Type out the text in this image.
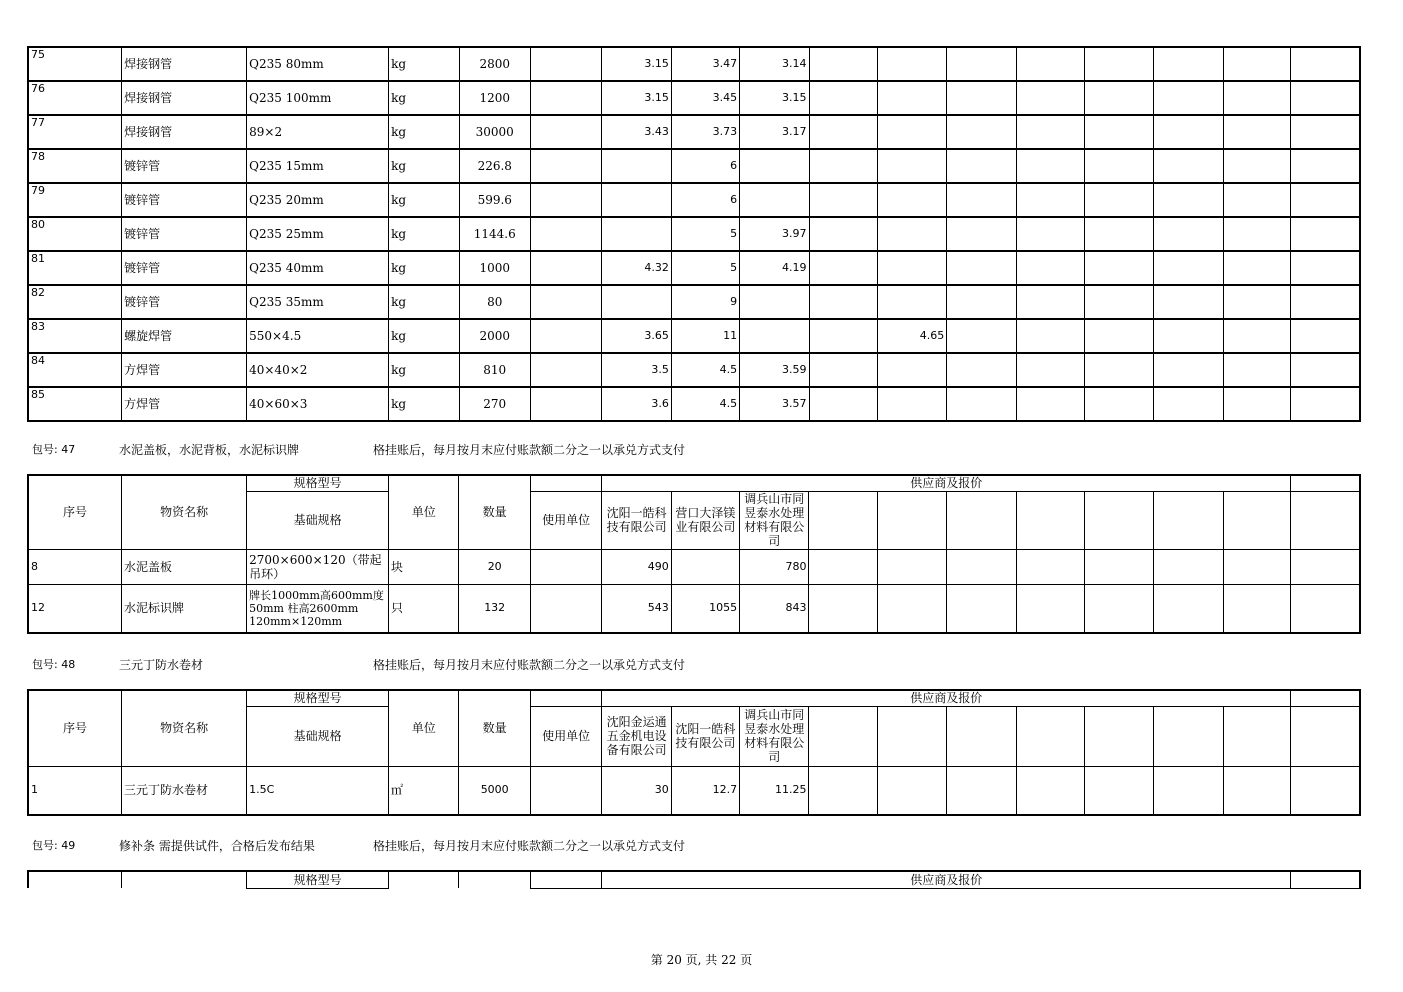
75	焊接钢管	Q235 80mm	kg	2800		3.15	3.47	3.14								
76	焊接钢管	Q235 100mm	kg	1200		3.15	3.45	3.15								
77	焊接钢管	89×2	kg	30000		3.43	3.73	3.17								
78	镀锌管	Q235 15mm	kg	226.8			6									
79	镀锌管	Q235 20mm	kg	599.6			6									
80	镀锌管	Q235 25mm	kg	1144.6			5	3.97								
81	镀锌管	Q235 40mm	kg	1000		4.32	5	4.19								
82	镀锌管	Q235 35mm	kg	80			9									
83	螺旋焊管	550×4.5	kg	2000		3.65	11			4.65						
84	方焊管	40×40×2	kg	810		3.5	4.5	3.59								
85	方焊管	40×60×3	kg	270		3.6	4.5	3.57								
包号: 47	水泥盖板，水泥背板，水泥标识牌	格挂账后，每月按月末应付账款额二分之一以承兑方式支付
序号	物资名称	规格型号	单位	数量		供应商及报价										
		基础规格			使用单位	沈阳一皓科技有限公司	营口大泽镁业有限公司	调兵山市同昱泰水处理材料有限公司								
8	水泥盖板	2700×600×120（带起吊环）	块	20		490		780								
12	水泥标识牌	牌长1000mm高600mm度50mm 柱高2600mm 120mm×120mm	只	132		543	1055	843								
包号: 48	三元丁防水卷材	格挂账后，每月按月末应付账款额二分之一以承兑方式支付
序号	物资名称	规格型号	单位	数量		供应商及报价										
		基础规格			使用单位	沈阳金运通五金机电设备有限公司	沈阳一皓科技有限公司	调兵山市同昱泰水处理材料有限公司								
1	三元丁防水卷材	1.5C	㎡	5000		30	12.7	11.25								
包号: 49	修补条 需提供试件，合格后发布结果	格挂账后，每月按月末应付账款额二分之一以承兑方式支付
		规格型号				供应商及报价	
第 20 页, 共 22 页
